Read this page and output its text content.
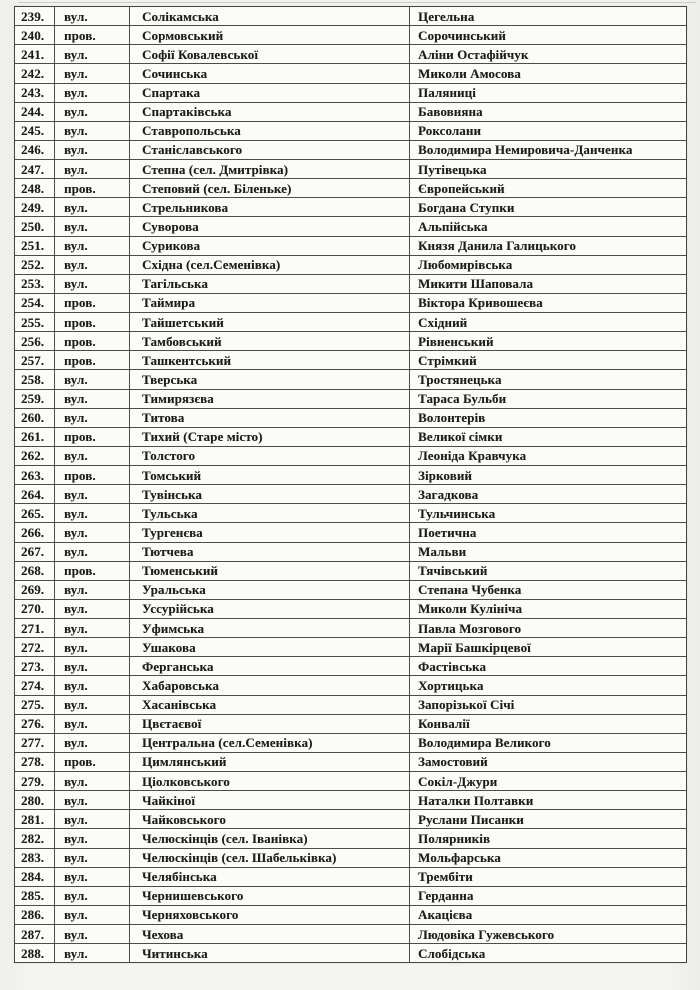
239. вул.	Солікамська	Цегельна
240. пров.	Сормовський	Сорочинський
241. вул.	Софії Ковалевської	Аліни Остафійчук
242. вул.	Сочинська	Миколи Амосова
243. вул.	Спартака	Паляниці
244. вул.	Спартаківська	Бавовняна
245. вул.	Ставропольська	Роксолани
246. вул.	Станіславського	Володимира Немировича-Данченка
247. вул.	Степна (сел. Дмитрівка)	Путівецька
248. пров.	Степовий (сел. Біленьке)	Європейський
249. вул.	Стрельникова	Богдана Ступки
250. вул.	Суворова	Альпійська
251. вул.	Сурикова	Князя Данила Галицького
252. вул.	Східна (сел.Семенівка)	Любомирівська
253. вул.	Тагільська	Микити Шаповала
254. пров.	Таймира	Віктора Кривошеєва
255. пров.	Тайшетський	Східний
256. пров.	Тамбовський	Рівненський
257. пров.	Ташкентський	Стрімкий
258. вул.	Тверська	Тростянецька
259. вул.	Тимирязєва	Тараса Бульби
260. вул.	Титова	Волонтерів
261. пров.	Тихий (Старе місто)	Великої сімки
262. вул.	Толстого	Леоніда Кравчука
263. пров.	Томський	Зірковий
264. вул.	Тувінська	Загадкова
265. вул.	Тульська	Тульчинська
266. вул.	Тургенєва	Поетична
267. вул.	Тютчева	Мальви
268. пров.	Тюменський	Тячівський
269. вул.	Уральська	Степана Чубенка
270. вул.	Уссурійська	Миколи Кулініча
271. вул.	Уфимська	Павла Мозгового
272. вул.	Ушакова	Марії Башкірцевої
273. вул.	Ферганська	Фастівська
274. вул.	Хабаровська	Хортицька
275. вул.	Хасанівська	Запорізької Січі
276. вул.	Цвєтаєвої	Конвалії
277. вул.	Центральна (сел.Семенівка)	Володимира Великого
278. пров.	Цимлянський	Замостовий
279. вул.	Ціолковського	Сокіл-Джури
280. вул.	Чайкіної	Наталки Полтавки
281. вул.	Чайковського	Руслани Писанки
282. вул.	Челюскінців (сел. Іванівка)	Полярників
283. вул.	Челюскінців (сел. Шабельківка)	Мольфарська
284. вул.	Челябінська	Трембіти
285. вул.	Чернишевського	Герданна
286. вул.	Черняховського	Акацієва
287. вул.	Чехова	Людовіка Гужевського
288. вул.	Читинська	Слобідська
